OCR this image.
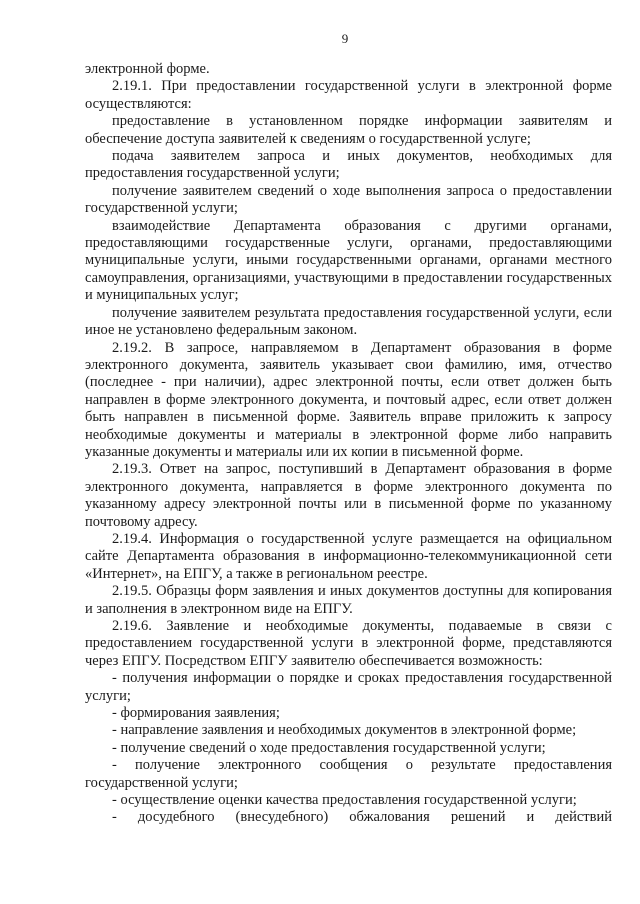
9

электронной форме.

2.19.1. При предоставлении государственной услуги в электронной форме осуществляются:

предоставление в установленном порядке информации заявителям и обеспечение доступа заявителей к сведениям о государственной услуге;

подача заявителем запроса и иных документов, необходимых для предоставления государственной услуги;

получение заявителем сведений о ходе выполнения запроса о предоставлении государственной услуги;

взаимодействие Департамента образования с другими органами, предоставляющими государственные услуги, органами, предоставляющими муниципальные услуги, иными государственными органами, органами местного самоуправления, организациями, участвующими в предоставлении государственных и муниципальных услуг;

получение заявителем результата предоставления государственной услуги, если иное не установлено федеральным законом.

2.19.2. В запросе, направляемом в Департамент образования в форме электронного документа, заявитель указывает свои фамилию, имя, отчество (последнее - при наличии), адрес электронной почты, если ответ должен быть направлен в форме электронного документа, и почтовый адрес, если ответ должен быть направлен в письменной форме. Заявитель вправе приложить к запросу необходимые документы и материалы в электронной форме либо направить указанные документы и материалы или их копии в письменной форме.

2.19.3. Ответ на запрос, поступивший в Департамент образования в форме электронного документа, направляется в форме электронного документа по указанному адресу электронной почты или в письменной форме по указанному почтовому адресу.

2.19.4. Информация о государственной услуге размещается на официальном сайте Департамента образования в информационно-телекоммуникационной сети «Интернет», на ЕПГУ, а также в региональном реестре.

2.19.5. Образцы форм заявления и иных документов доступны для копирования и заполнения в электронном виде на ЕПГУ.

2.19.6. Заявление и необходимые документы, подаваемые в связи с предоставлением государственной услуги в электронной форме, представляются через ЕПГУ. Посредством ЕПГУ заявителю обеспечивается возможность:

- получения информации о порядке и сроках предоставления государственной услуги;

- формирования заявления;

- направление заявления и необходимых документов в электронной форме;

- получение сведений о ходе предоставления государственной услуги;

- получение электронного сообщения о результате предоставления государственной услуги;

- осуществление оценки качества предоставления государственной услуги;

- досудебного (внесудебного) обжалования решений и действий
